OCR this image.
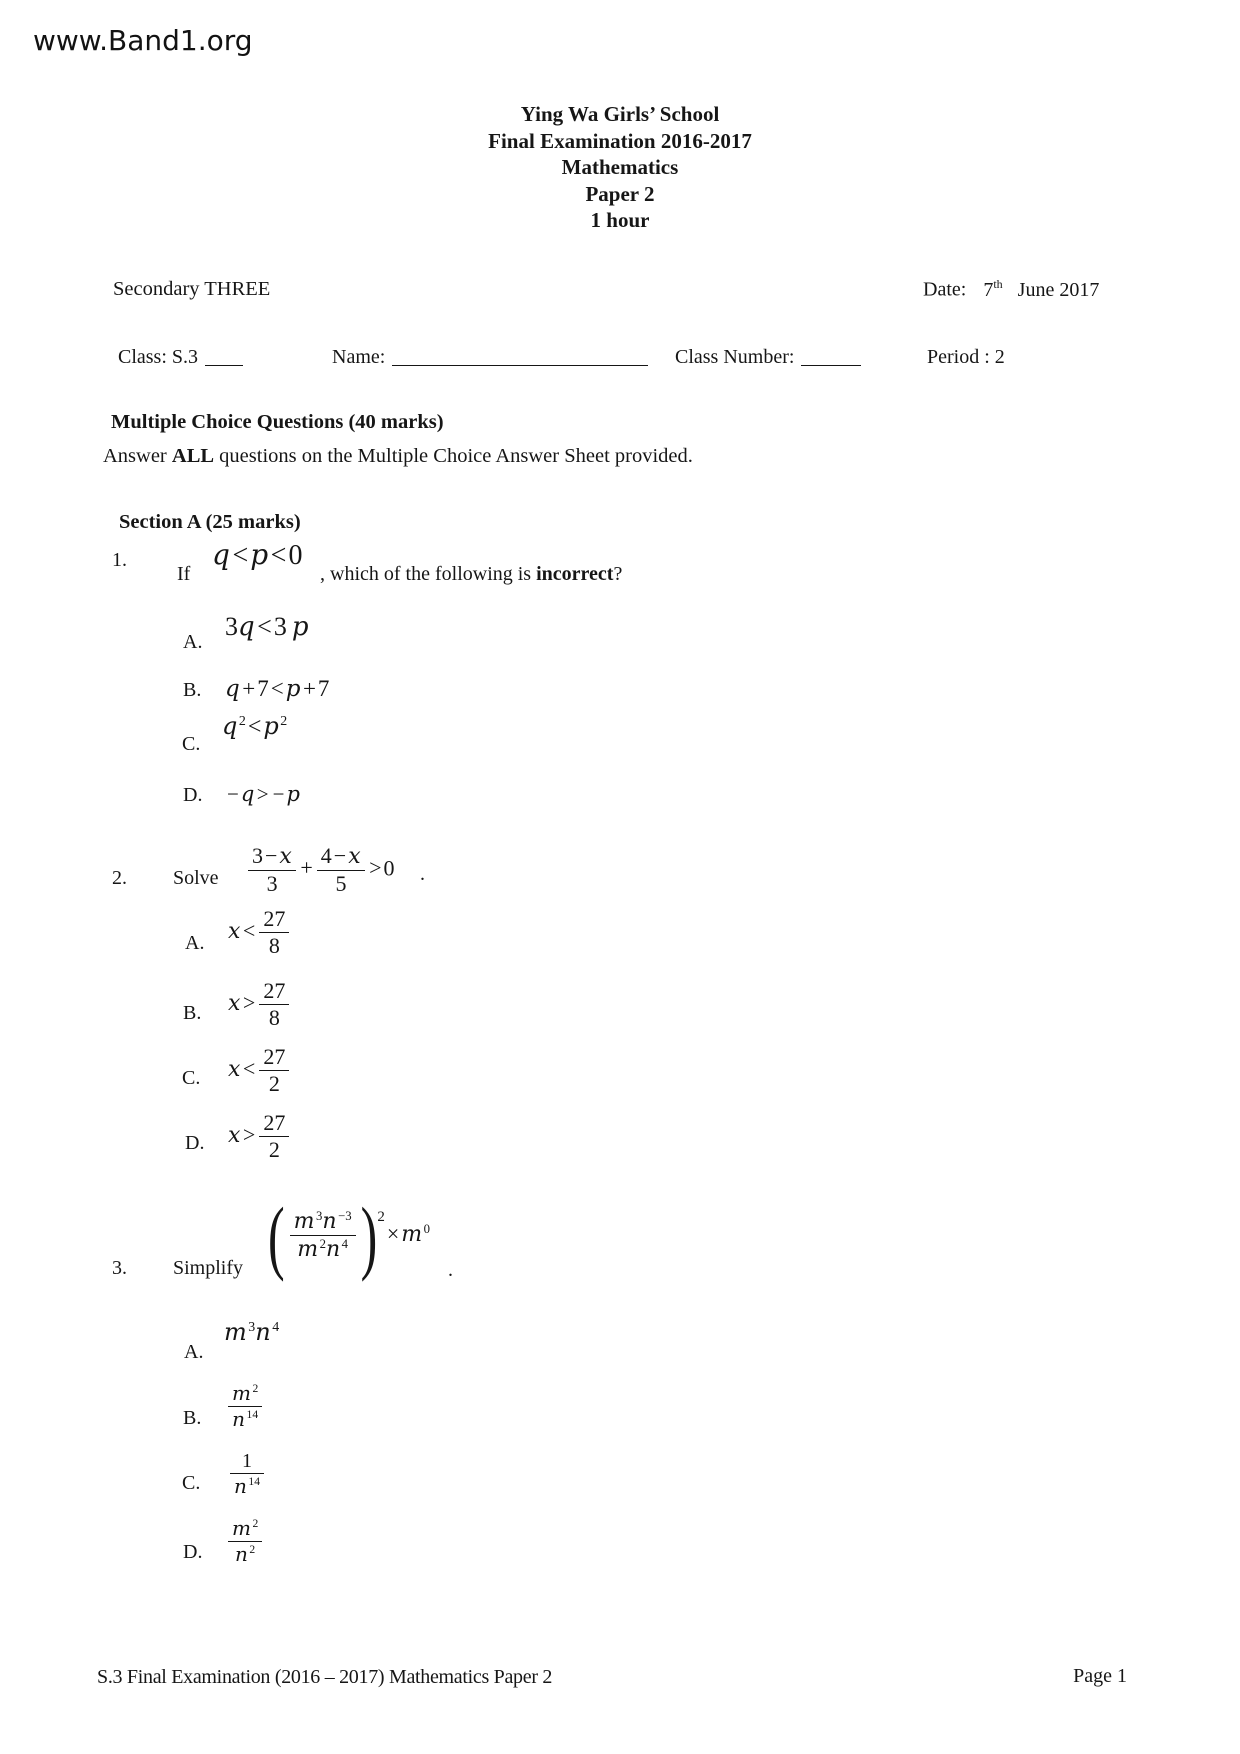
www.Band1.org
Ying Wa Girls’ School
Final Examination 2016-2017
Mathematics
Paper 2
1 hour
Secondary THREE	Date: 7th June 2017
Class: S.3	Name:	Class Number:	Period : 2
Multiple Choice Questions (40 marks)
Answer ALL questions on the Multiple Choice Answer Sheet provided.
Section A (25 marks)
1.
If
q<p<0
, which of the following is incorrect?
A.
3q<3 p
B. q+7<p+7
C.
$q^2<p^2$
D. −q> −p
2. Solve $\frac{3-x}{3} + \frac{4-x}{5} >0$ .
A. $x< \frac{27}{8}$
B. $x> \frac{27}{8}$
C. $x< \frac{27}{2}$
D. $x> \frac{27}{2}$
3. Simplify ( $\frac{m^3n^{-3}}{m^2n^4}$ ) 2
$\times m^0$
.
A.
$m^3n^4$
B. $\frac{m^2}{n^{14}}$
C. $\frac{1}{n^{14}}$
D. $\frac{m^2}{n^2}$
S.3 Final Examination (2016 – 2017) Mathematics Paper 2	Page 1
